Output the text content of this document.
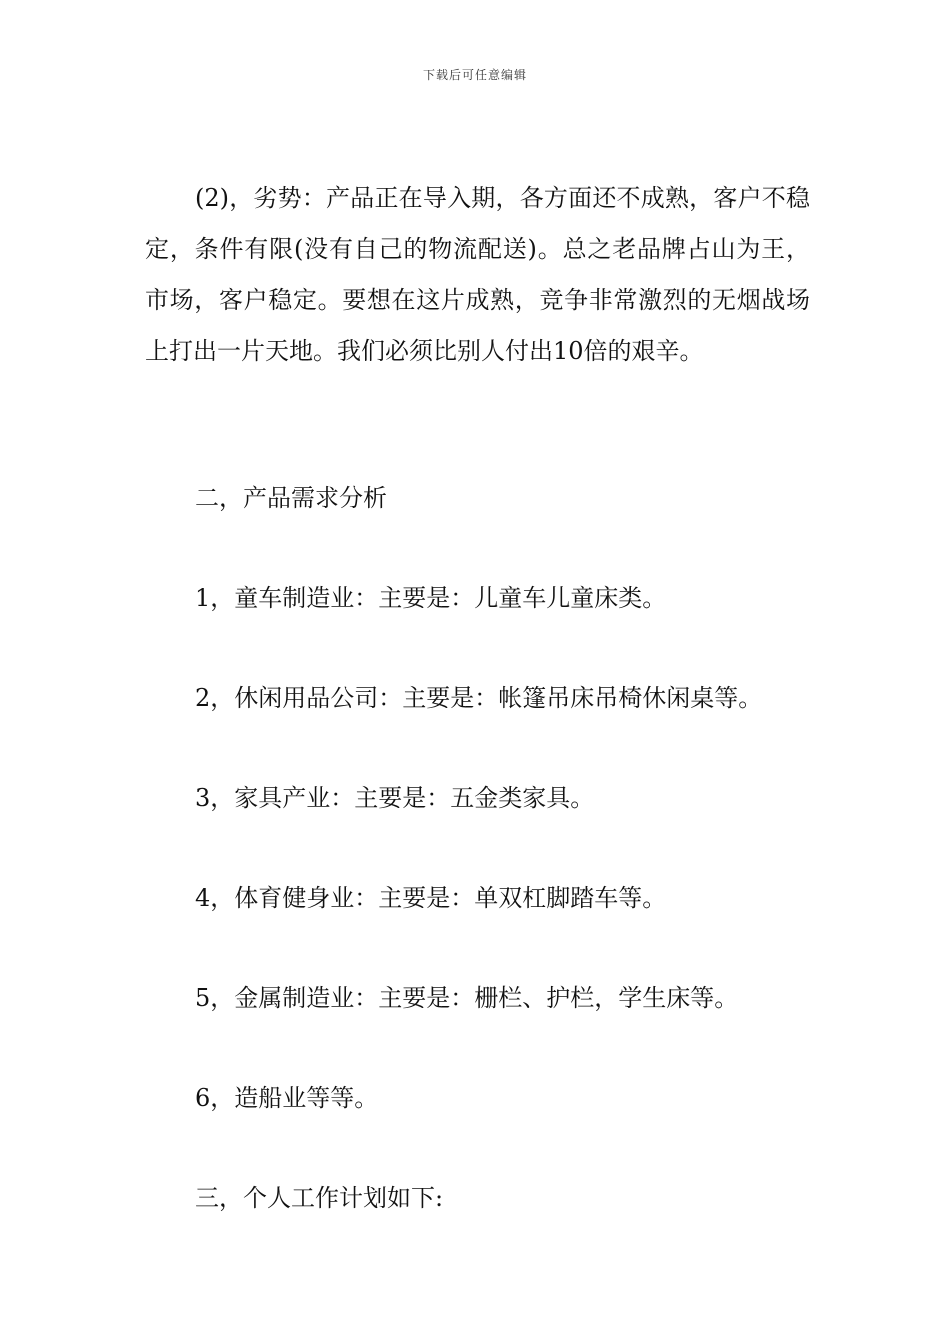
下载后可任意编辑

(2)，劣势：产品正在导入期，各方面还不成熟，客户不稳定，条件有限(没有自己的物流配送)。总之老品牌占山为王，市场，客户稳定。要想在这片成熟，竞争非常激烈的无烟战场上打出一片天地。我们必须比别人付出10倍的艰辛。

二，产品需求分析

1，童车制造业：主要是：儿童车儿童床类。

2，休闲用品公司：主要是：帐篷吊床吊椅休闲桌等。

3，家具产业：主要是：五金类家具。

4，体育健身业：主要是：单双杠脚踏车等。

5，金属制造业：主要是：栅栏、护栏，学生床等。

6，造船业等等。

三，个人工作计划如下:
